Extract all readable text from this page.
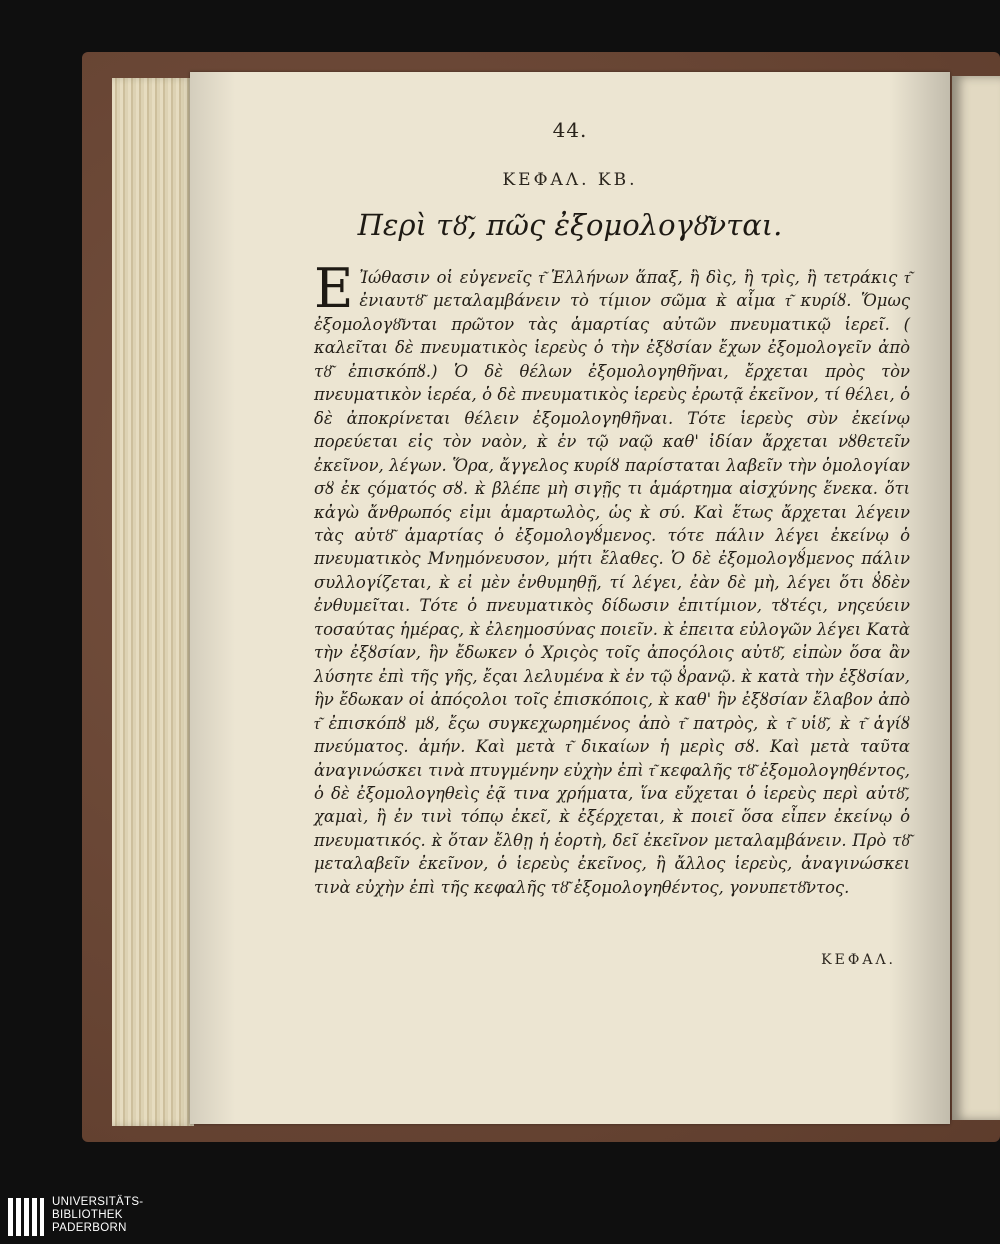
44.
ΚΕΦΑΛ. ΚΒ.
Περὶ τȣ͂, πῶς ἐξομολογȣ͂νται.

Ε Ἰώθασιν οἱ εὐγενεῖς τ͂ Ἑλλήνων ἅπαξ, ἢ δὶς, ἢ τρὶς, ἢ τετράκις τ͂ ἐνιαυτȣ͂ μεταλαμβάνειν τὸ τίμιον σῶμα κ̀ αἷμα τ͂ κυρίȣ. Ὅμως ἐξομολογȣ͂νται πρῶτον τὰς ἁμαρτίας αὐτῶν πνευματικῷ ἱερεῖ. ( καλεῖται δὲ πνευματικὸς ἱερεὺς ὁ τὴν ἐξȣσίαν ἔχων ἐξομολογεῖν ἀπὸ τȣ͂ ἐπισκόπȣ.) Ὁ δὲ θέλων ἐξομολογηθῆναι, ἔρχεται πρὸς τὸν πνευματικὸν ἱερέα, ὁ δὲ πνευματικὸς ἱερεὺς ἐρωτᾷ ἐκεῖνον, τί θέλει, ὁ δὲ ἀποκρίνεται θέλειν ἐξομολογηθῆναι. Τότε ἱερεὺς σὺν ἐκείνῳ πορεύεται εἰς τὸν ναὸν, κ̀ ἐν τῷ ναῷ καθ' ἰδίαν ἄρχεται νȣθετεῖν ἐκεῖνον, λέγων. Ὅρα, ἄγγελος κυρίȣ παρίσταται λαβεῖν τὴν ὁμολογίαν σȣ ἐκ ςόματός σȣ. κ̀ βλέπε μὴ σιγῇς τι ἁμάρτημα αἰσχύνης ἕνεκα. ὅτι κἀγὼ ἄνθρωπός εἰμι ἁμαρτωλὸς, ὡς κ̀ σύ. Καὶ ἕτως ἄρχεται λέγειν τὰς αὐτȣ͂ ἁμαρτίας ὁ ἐξομολογȣ́μενος. τότε πάλιν λέγει ἐκείνῳ ὁ πνευματικὸς Μνημόνευσον, μήτι ἔλαθες. Ὁ δὲ ἐξομολογȣ́μενος πάλιν συλλογίζεται, κ̀ εἰ μὲν ἐνθυμηθῇ, τί λέγει, ἐὰν δὲ μὴ, λέγει ὅτι ȣ̓δὲν ἐνθυμεῖται. Τότε ὁ πνευματικὸς δίδωσιν ἐπιτίμιον, τȣτέςι, νηςεύειν τοσαύτας ἡμέρας, κ̀ ἐλεημοσύνας ποιεῖν. κ̀ ἐπειτα εὐλογῶν λέγει Κατὰ τὴν ἐξȣσίαν, ἣν ἔδωκεν ὁ Χριςὸς τοῖς ἀποςόλοις αὐτȣ͂, εἰπὼν ὅσα ἂν λύσητε ἐπὶ τῆς γῆς, ἔςαι λελυμένα κ̀ ἐν τῷ ȣ̓ρανῷ. κ̀ κατὰ τὴν ἐξȣσίαν, ἣν ἔδωκαν οἱ ἀπόςολοι τοῖς ἐπισκόποις, κ̀ καθ' ἣν ἐξȣσίαν ἔλαβον ἀπὸ τ͂ ἐπισκόπȣ μȣ, ἔςω συγκεχωρημένος ἀπὸ τ͂ πατρὸς, κ̀ τ͂ υἱȣ͂, κ̀ τ͂ ἁγίȣ πνεύματος. ἀμήν. Καὶ μετὰ τ͂ δικαίων ἡ μερὶς σȣ. Καὶ μετὰ ταῦτα ἀναγινώσκει τινὰ πτυγμένην εὐχὴν ἐπὶ τ͂ κεφαλῆς τȣ͂ ἐξομολογηθέντος, ὁ δὲ ἐξομολογηθεὶς ἐᾷ τινα χρήματα, ἵνα εὔχεται ὁ ἱερεὺς περὶ αὐτȣ͂, χαμαὶ, ἢ ἐν τινὶ τόπῳ ἐκεῖ, κ̀ ἐξέρχεται, κ̀ ποιεῖ ὅσα εἶπεν ἐκείνῳ ὁ πνευματικός. κ̀ ὅταν ἔλθῃ ἡ ἑορτὴ, δεῖ ἐκεῖνον μεταλαμβάνειν. Πρὸ τȣ͂ μεταλαβεῖν ἐκεῖνον, ὁ ἱερεὺς ἐκεῖνος, ἢ ἄλλος ἱερεὺς, ἀναγινώσκει τινὰ εὐχὴν ἐπὶ τῆς κεφαλῆς τȣ͂ ἐξομολογηθέντος, γονυπετȣ͂ντος.

ΚΕΦΑΛ.
UNIVERSITÄTS-
BIBLIOTHEK
PADERBORN
